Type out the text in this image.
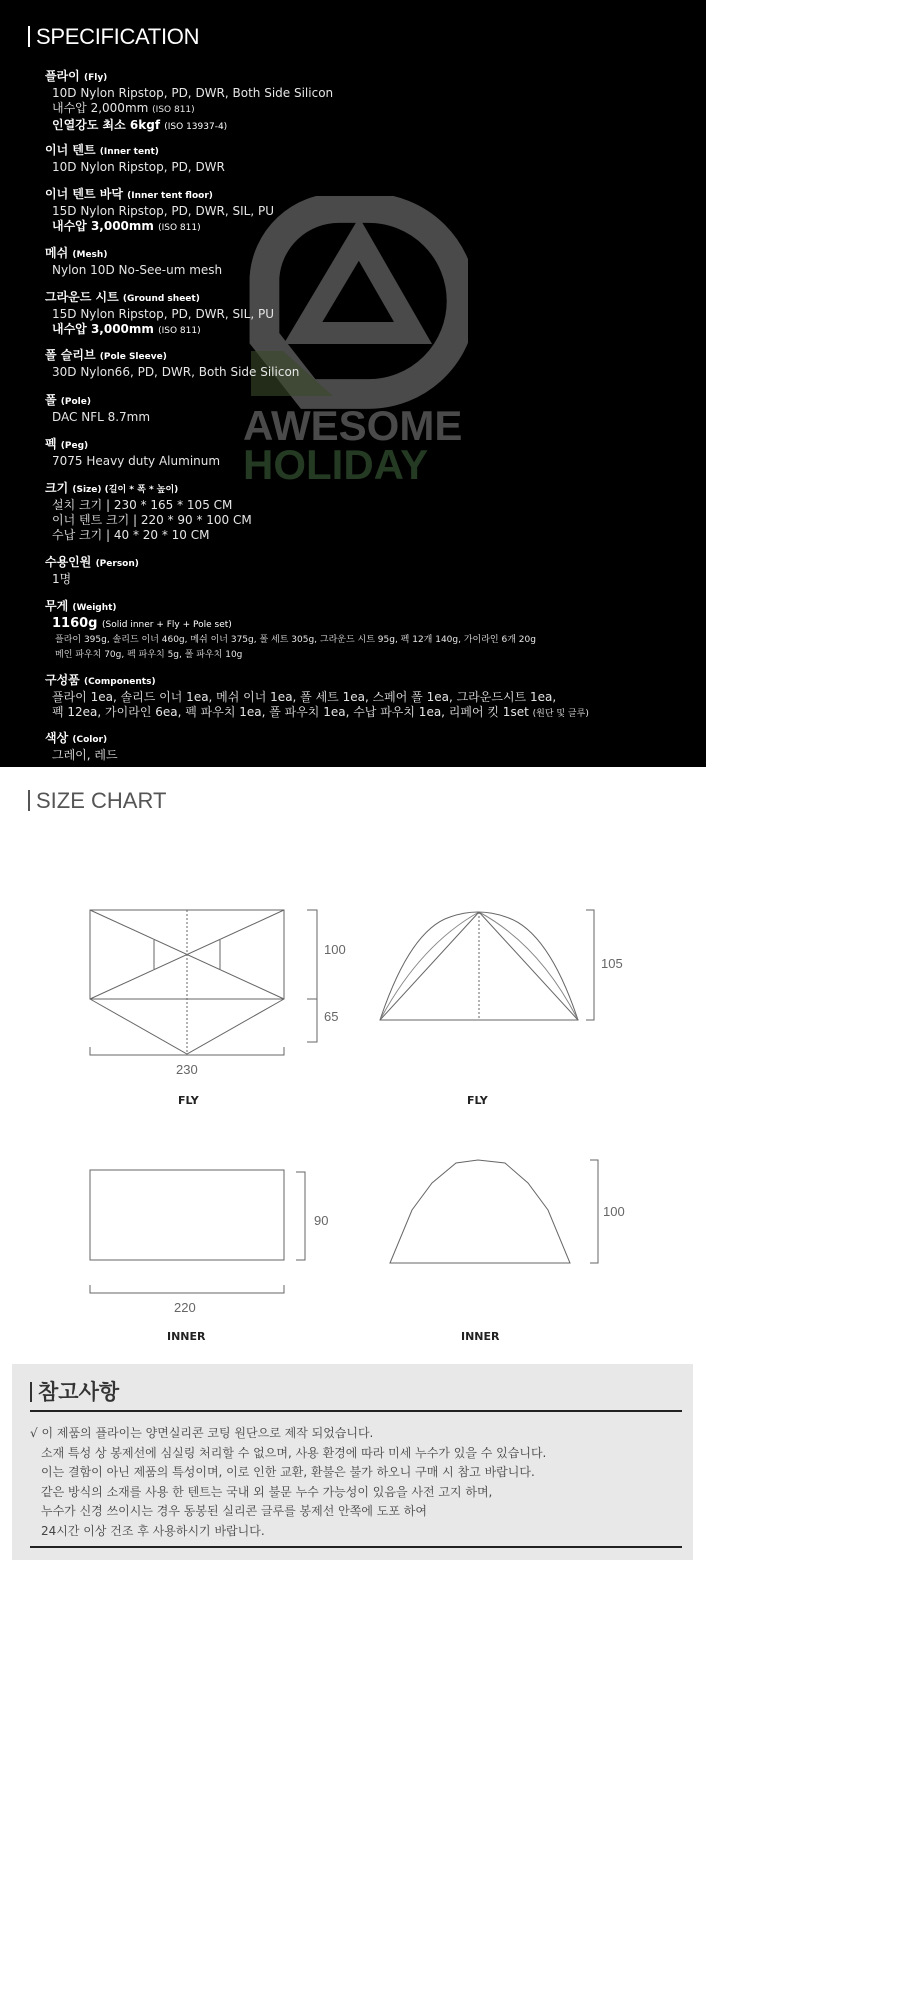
SPECIFICATION
AWESOME
HOLIDAY
플라이 (Fly)
10D Nylon Ripstop, PD, DWR, Both Side Silicon
내수압 2,000mm (ISO 811)
인열강도 최소 6kgf (ISO 13937-4)
이너 텐트 (Inner tent)
10D Nylon Ripstop, PD, DWR
이너 텐트 바닥 (Inner tent floor)
15D Nylon Ripstop, PD, DWR, SIL, PU
내수압 3,000mm (ISO 811)
메쉬 (Mesh)
Nylon 10D No-See-um mesh
그라운드 시트 (Ground sheet)
15D Nylon Ripstop, PD, DWR, SIL, PU
내수압 3,000mm (ISO 811)
폴 슬리브 (Pole Sleeve)
30D Nylon66, PD, DWR, Both Side Silicon
폴 (Pole)
DAC NFL 8.7mm
펙 (Peg)
7075 Heavy duty Aluminum
크기 (Size) (길이 * 폭 * 높이)
설치 크기 | 230 * 165 * 105 CM
이너 텐트 크기 | 220 * 90 * 100 CM
수납 크기 | 40 * 20 * 10 CM
수용인원 (Person)
1명
무게 (Weight)
1160g (Solid inner + Fly + Pole set)
플라이 395g, 솔리드 이너 460g, 메쉬 이너 375g, 폴 세트 305g, 그라운드 시트 95g, 펙 12개 140g, 가이라인 6개 20g
메인 파우치 70g, 펙 파우치 5g, 폴 파우치 10g
구성품 (Components)
플라이 1ea, 솔리드 이너 1ea, 메쉬 이너 1ea, 폴 세트 1ea, 스페어 폴 1ea, 그라운드시트 1ea,
펙 12ea, 가이라인 6ea, 펙 파우치 1ea, 폴 파우치 1ea, 수납 파우치 1ea, 리페어 킷 1set (원단 및 글루)
색상 (Color)
그레이, 레드
SIZE CHART
100
65
230
105
90
220
100
FLY	FLY
INNER	INNER
참고사항
√ 이 제품의 플라이는 양면실리콘 코팅 원단으로 제작 되었습니다.
소재 특성 상 봉제선에 심실링 처리할 수 없으며, 사용 환경에 따라 미세 누수가 있을 수 있습니다.
이는 결함이 아닌 제품의 특성이며, 이로 인한 교환, 환불은 불가 하오니 구매 시 참고 바랍니다.
같은 방식의 소재를 사용 한 텐트는 국내 외 불문 누수 가능성이 있음을 사전 고지 하며,
누수가 신경 쓰이시는 경우 동봉된 실리콘 글루를 봉제선 안쪽에 도포 하여
24시간 이상 건조 후 사용하시기 바랍니다.
